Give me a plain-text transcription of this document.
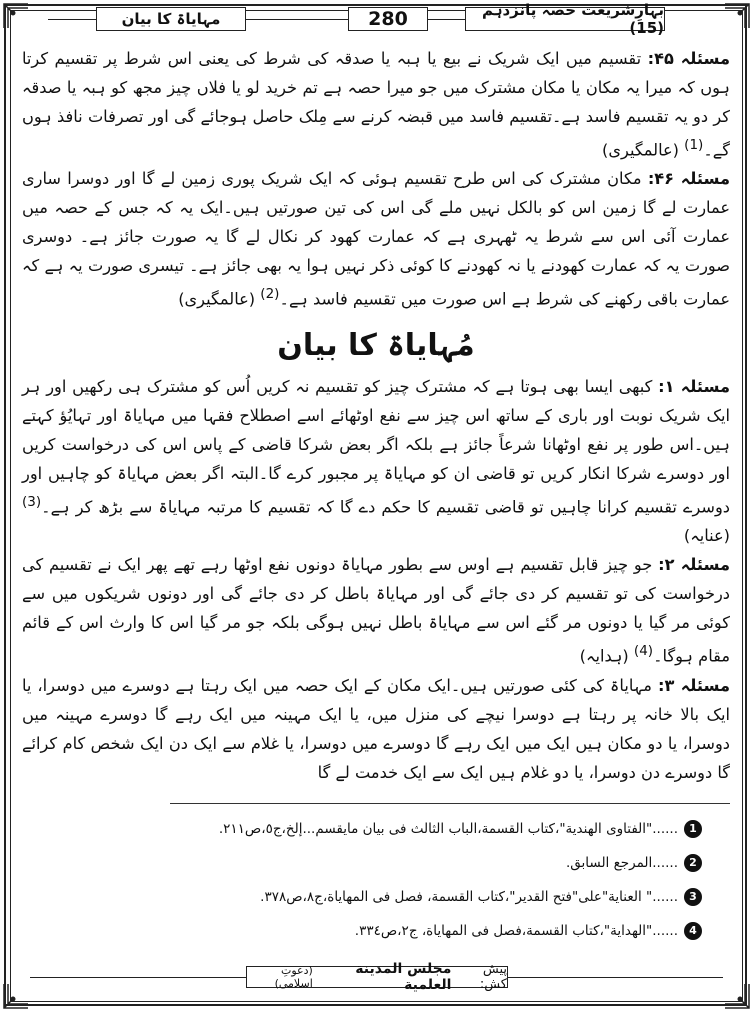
مہایاۃ کا بیان	280	بہارِشریعت حصہ پانزدہم (15)

مسئلہ ۴۵: تقسیم میں ایک شریک نے بیع یا ہبہ یا صدقہ کی شرط کی یعنی اس شرط پر تقسیم کرتا ہوں کہ میرا یہ مکان یا مکان مشترک میں جو میرا حصہ ہے تم خرید لو یا فلاں چیز مجھ کو ہبہ یا صدقہ کر دو یہ تقسیم فاسد ہے۔تقسیم فاسد میں قبضہ کرنے سے مِلک حاصل ہوجائے گی اور تصرفات نافذ ہوں گے۔$^{(1)}$ (عالمگیری)

مسئلہ ۴۶: مکان مشترک کی اس طرح تقسیم ہوئی کہ ایک شریک پوری زمین لے گا اور دوسرا ساری عمارت لے گا زمین اس کو بالکل نہیں ملے گی اس کی تین صورتیں ہیں۔ایک یہ کہ جس کے حصہ میں عمارت آئی اس سے شرط یہ ٹھہری ہے کہ عمارت کھود کر نکال لے گا یہ صورت جائز ہے۔ دوسری صورت یہ کہ عمارت کھودنے یا نہ کھودنے کا کوئی ذکر نہیں ہوا یہ بھی جائز ہے۔ تیسری صورت یہ ہے کہ عمارت باقی رکھنے کی شرط ہے اس صورت میں تقسیم فاسد ہے۔$^{(2)}$ (عالمگیری)

مُہایاۃ کا بیان

مسئلہ ۱: کبھی ایسا بھی ہوتا ہے کہ مشترک چیز کو تقسیم نہ کریں اُس کو مشترک ہی رکھیں اور ہر ایک شریک نوبت اور باری کے ساتھ اس چیز سے نفع اوٹھائے اسے اصطلاح فقہا میں مہایاۃ اور تہایُؤ کہتے ہیں۔اس طور پر نفع اوٹھانا شرعاً جائز ہے بلکہ اگر بعض شرکا قاضی کے پاس اس کی درخواست کریں اور دوسرے شرکا انکار کریں تو قاضی ان کو مہایاۃ پر مجبور کرے گا۔البتہ اگر بعض مہایاۃ کو چاہیں اور دوسرے تقسیم کرانا چاہیں تو قاضی تقسیم کا حکم دے گا کہ تقسیم کا مرتبہ مہایاۃ سے بڑھ کر ہے۔$^{(3)}$ (عنایہ)

مسئلہ ۲: جو چیز قابل تقسیم ہے اوس سے بطور مہایاۃ دونوں نفع اوٹھا رہے تھے پھر ایک نے تقسیم کی درخواست کی تو تقسیم کر دی جائے گی اور مہایاۃ باطل کر دی جائے گی اور دونوں شریکوں میں سے کوئی مر گیا یا دونوں مر گئے اس سے مہایاۃ باطل نہیں ہوگی بلکہ جو مر گیا اس کا وارث اس کے قائم مقام ہوگا۔$^{(4)}$ (ہدایہ)

مسئلہ ۳: مہایاۃ کی کئی صورتیں ہیں۔ایک مکان کے ایک حصہ میں ایک رہتا ہے دوسرے میں دوسرا، یا ایک بالا خانہ پر رہتا ہے دوسرا نیچے کی منزل میں، یا ایک مہینہ میں ایک رہے گا دوسرے مہینہ میں دوسرا، یا دو مکان ہیں ایک میں ایک رہے گا دوسرے میں دوسرا، یا غلام سے ایک دن ایک شخص کام کرائے گا دوسرے دن دوسرا، یا دو غلام ہیں ایک سے ایک خدمت لے گا

1
......"الفتاوی الهندية"،كتاب القسمة،الباب الثالث فی بيان مايقسم...إلخ،ج٥،ص٢١١.
2
......المرجع السابق.
3
......" العناية"على"فتح القدير"،كتاب القسمة، فصل فی المهاياة،ج٨،ص٣٧٨.
4
......"الهداية"،كتاب القسمة،فصل فی المهاياة، ج٢،ص٣٣٤.
پیش کش:
مجلس المدينة العلمية
(دعوتِ اسلامی)
